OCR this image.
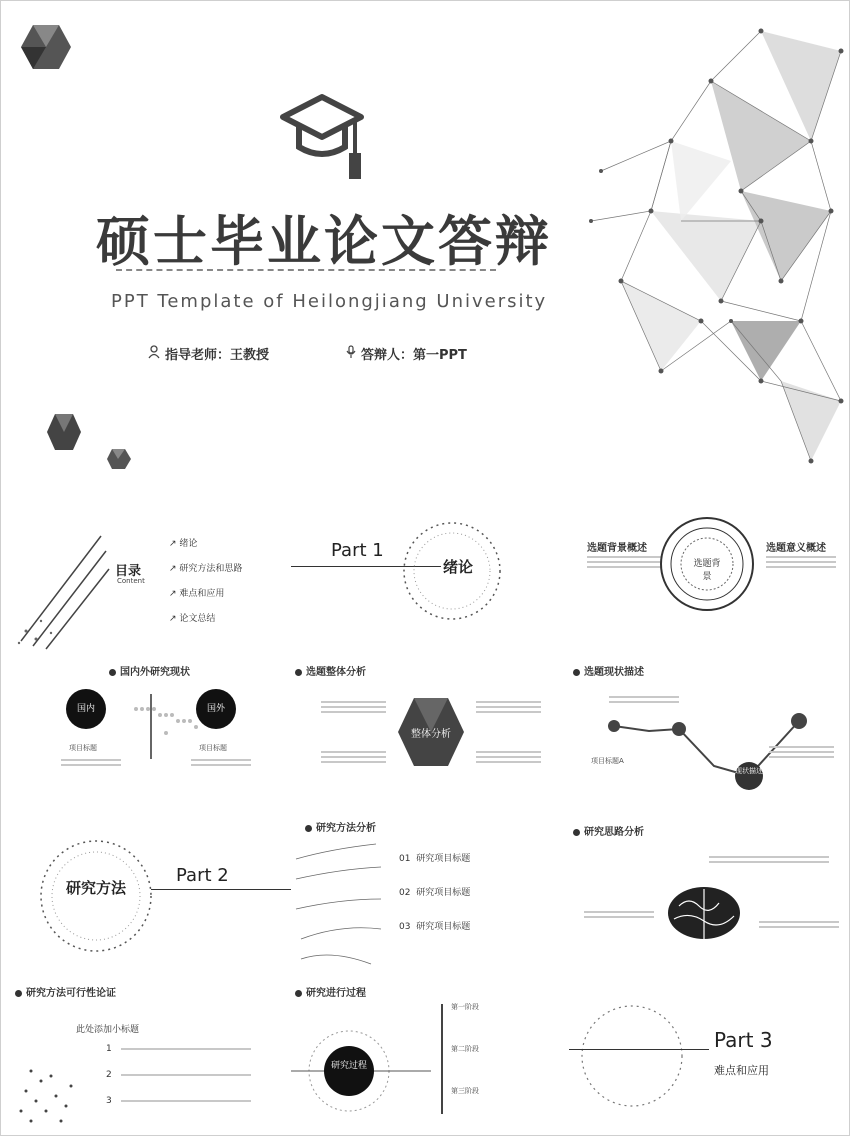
硕士毕业论文答辩
PPT Template of Heilongjiang University
指导老师：王教授	答辩人：第一PPT
目录
Content
↗ 绪论
↗ 研究方法和思路
↗ 难点和应用
↗ 论文总结
Part 1
绪论
选题背景概述
选题背景
选题意义概述
国内外研究现状
国内	国外
项目标题	项目标题
选题整体分析
整体分析
选题现状描述
现状描述
项目标题A
研究方法
Part 2
研究方法分析
01 研究项目标题
02 研究项目标题
03 研究项目标题
研究思路分析
研究方法可行性论证
此处添加小标题
1
2
3
研究进行过程
研究过程
第一阶段
第二阶段
第三阶段
Part 3
难点和应用
